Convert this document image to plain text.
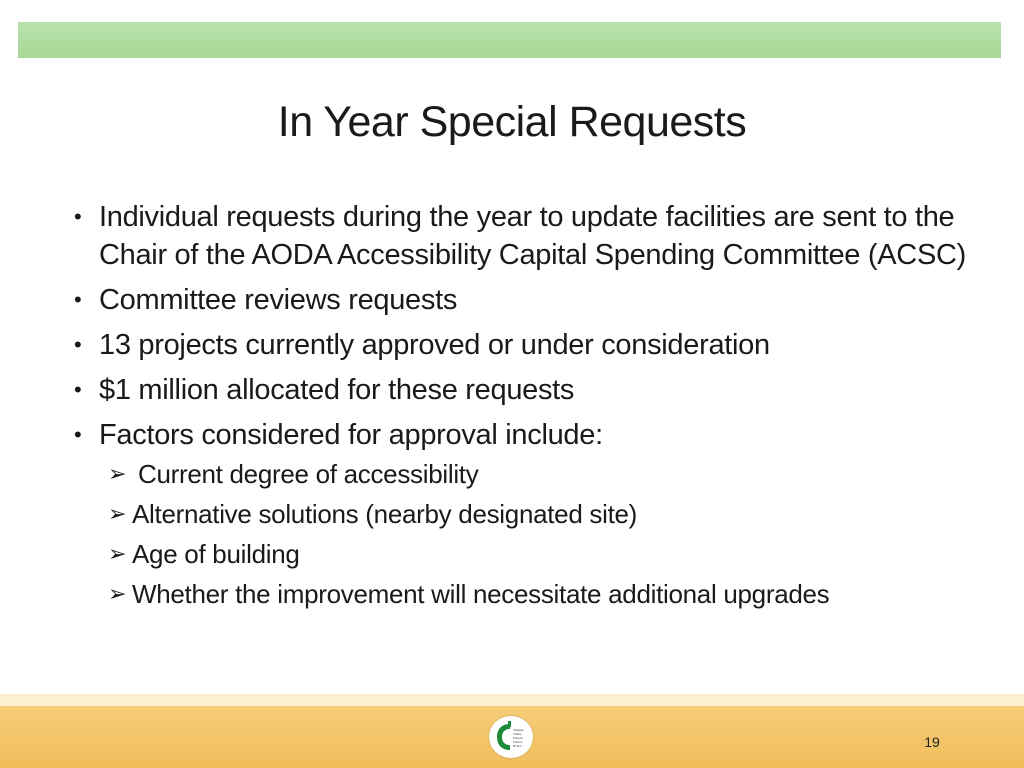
In Year Special Requests
• Individual requests during the year to update facilities are sent to the Chair of the AODA Accessibility Capital Spending Committee (ACSC)
• Committee reviews requests
• 13 projects currently approved or under consideration
• $1 million allocated for these requests
• Factors considered for approval include:
➢ Current degree of accessibility
➢ Alternative solutions (nearby designated site)
➢ Age of building
➢ Whether the improvement will necessitate additional upgrades
Thames
Valley
District
School
Board	19
